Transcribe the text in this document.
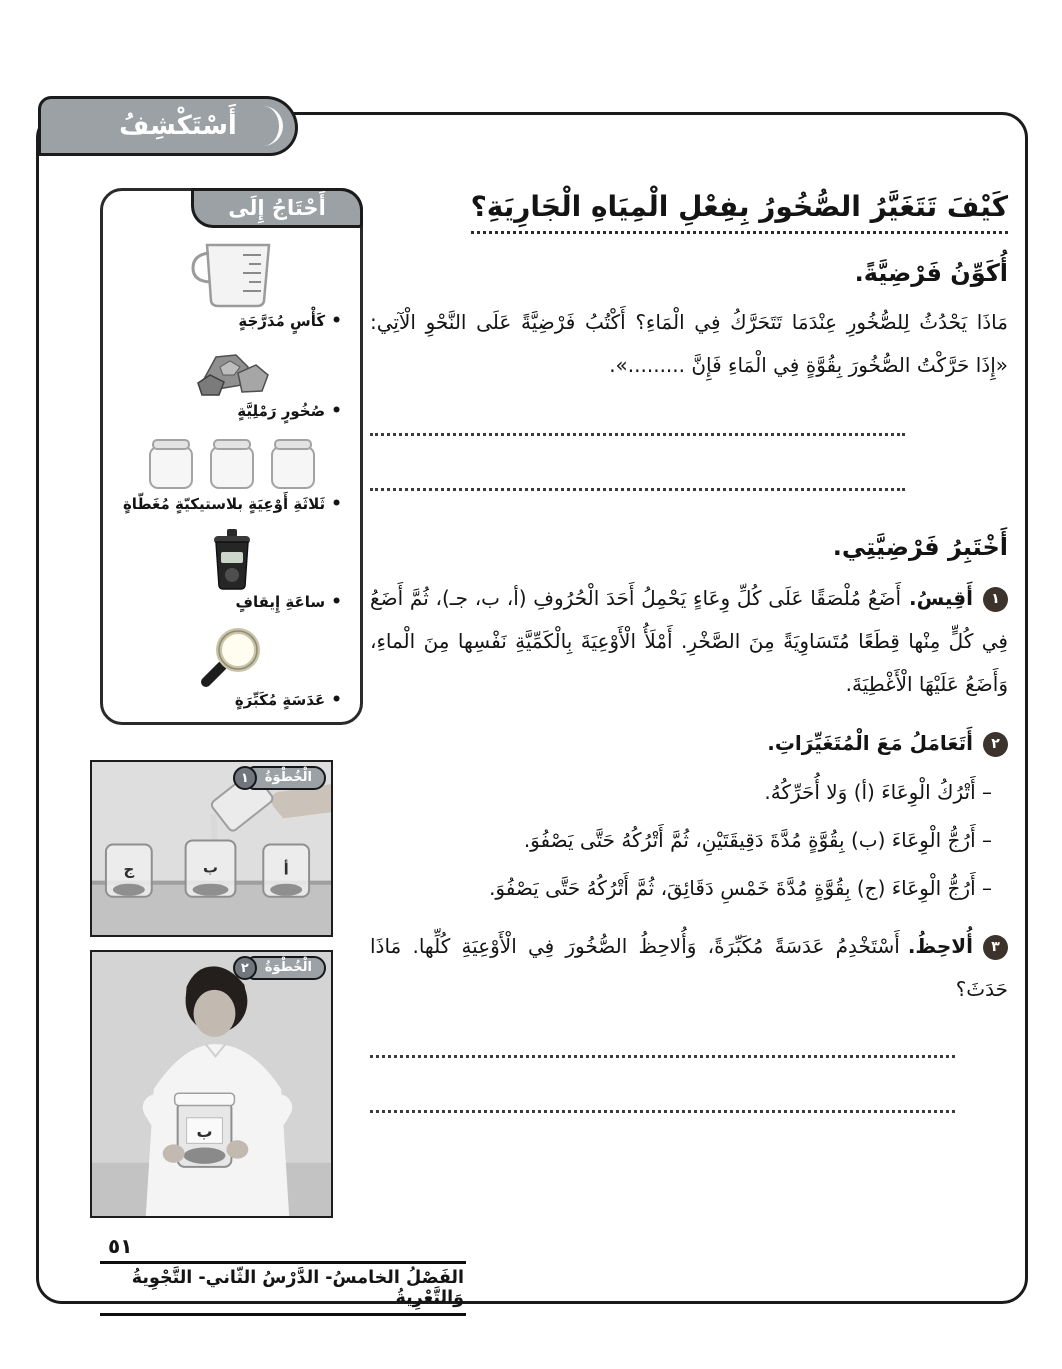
أَسْتَكْشِفُ
أَحْتَاجُ إِلَى
•كَأْسٍ مُدَرَّجَةٍ
•صُخُورٍ رَمْلِيَّةٍ
•ثَلاثَةِ أَوْعِيَةٍ بلاستيكيّةٍ مُغَطّاةٍ
•ساعَةِ إِيقافٍ
•عَدَسَةٍ مُكَبِّرَةٍ
١	الْخُطْوَةُ
ج	ب	أ
٢	الْخُطْوَةُ
ب
كَيْفَ تَتَغَيَّرُ الصُّخُورُ بِفِعْلِ الْمِيَاهِ الْجَارِيَةِ؟
أُكَوِّنُ فَرْضِيَّةً.
مَاذَا يَحْدُثُ لِلصُّخُورِ عِنْدَمَا تَتَحَرَّكُ فِي الْمَاءِ؟ أَكْتُبُ فَرْضِيَّةً عَلَى النَّحْوِ الْآتِي: «إِذَا حَرَّكْتُ الصُّخُورَ بِقُوَّةٍ فِي الْمَاءِ فَإِنَّ .........».
أَخْتَبِرُ فَرْضِيَّتِي.
١أَقِيسُ.أَضَعُ مُلْصَقًا عَلَى كُلِّ وِعَاءٍ يَحْمِلُ أَحَدَ الْحُرُوفِ (أ، ب، جـ)، ثُمَّ أَضَعُ فِي كُلٍّ مِنْها قِطَعًا مُتَسَاوِيَةً مِنَ الصَّخْرِ. أَمْلَأُ الْأَوْعِيَةَ بِالْكَمِّيَّةِ نَفْسِها مِنَ الْماءِ، وَأَضَعُ عَلَيْهَا الْأَغْطِيَةَ.
٢أَتَعَامَلُ مَعَ الْمُتَغَيِّرَاتِ.
– أَتْرُكُ الْوِعَاءَ (أ) وَلا أُحَرِّكُهُ.
– أَرُجُّ الْوِعَاءَ (ب) بِقُوَّةٍ مُدَّةَ دَقِيقَتَيْنِ، ثُمَّ أَتْرُكُهُ حَتَّى يَصْفُوَ.
– أَرُجُّ الْوِعَاءَ (ج) بِقُوَّةٍ مُدَّةَ خَمْسِ دَقَائِقَ، ثُمَّ أَتْرُكُهُ حَتَّى يَصْفُوَ.
٣أُلاحِظُ.أَسْتَخْدِمُ عَدَسَةً مُكَبِّرَةً، وَأُلاحِظُ الصُّخُورَ فِي الْأَوْعِيَةِ كُلِّها. مَاذَا حَدَثَ؟
٥١
الفَصْلُ الخامسُ- الدَّرْسُ الثّاني- التَّجْوِيةُ وَالتَّعْرِيةُ
